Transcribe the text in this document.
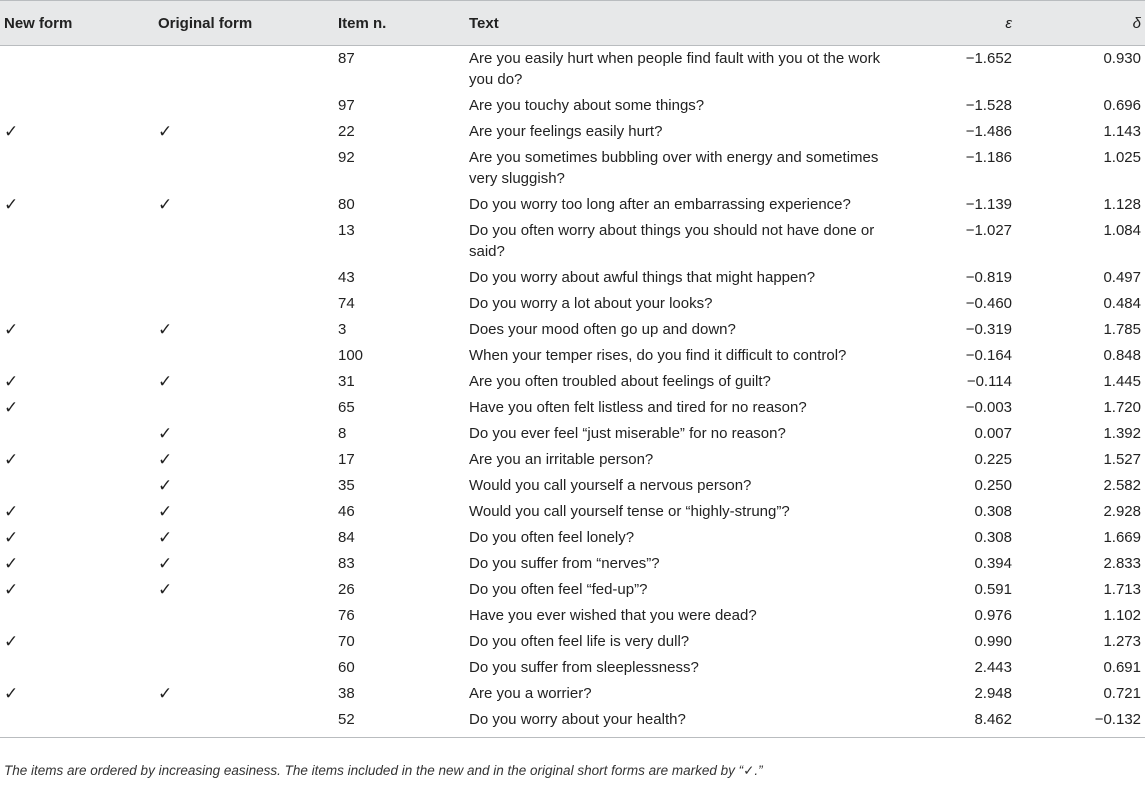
New form	Original form	Item n.	Text	ε	δ
		87	Are you easily hurt when people find fault with you ot the work you do?	−1.652	0.930
		97	Are you touchy about some things?	−1.528	0.696
✓	✓	22	Are your feelings easily hurt?	−1.486	1.143
		92	Are you sometimes bubbling over with energy and sometimes very sluggish?	−1.186	1.025
✓	✓	80	Do you worry too long after an embarrassing experience?	−1.139	1.128
		13	Do you often worry about things you should not have done or said?	−1.027	1.084
		43	Do you worry about awful things that might happen?	−0.819	0.497
		74	Do you worry a lot about your looks?	−0.460	0.484
✓	✓	3	Does your mood often go up and down?	−0.319	1.785
		100	When your temper rises, do you find it difficult to control?	−0.164	0.848
✓	✓	31	Are you often troubled about feelings of guilt?	−0.114	1.445
✓		65	Have you often felt listless and tired for no reason?	−0.003	1.720
	✓	8	Do you ever feel “just miserable” for no reason?	0.007	1.392
✓	✓	17	Are you an irritable person?	0.225	1.527
	✓	35	Would you call yourself a nervous person?	0.250	2.582
✓	✓	46	Would you call yourself tense or “highly-strung”?	0.308	2.928
✓	✓	84	Do you often feel lonely?	0.308	1.669
✓	✓	83	Do you suffer from “nerves”?	0.394	2.833
✓	✓	26	Do you often feel “fed-up”?	0.591	1.713
		76	Have you ever wished that you were dead?	0.976	1.102
✓		70	Do you often feel life is very dull?	0.990	1.273
		60	Do you suffer from sleeplessness?	2.443	0.691
✓	✓	38	Are you a worrier?	2.948	0.721
		52	Do you worry about your health?	8.462	−0.132
The items are ordered by increasing easiness. The items included in the new and in the original short forms are marked by “✓.”
